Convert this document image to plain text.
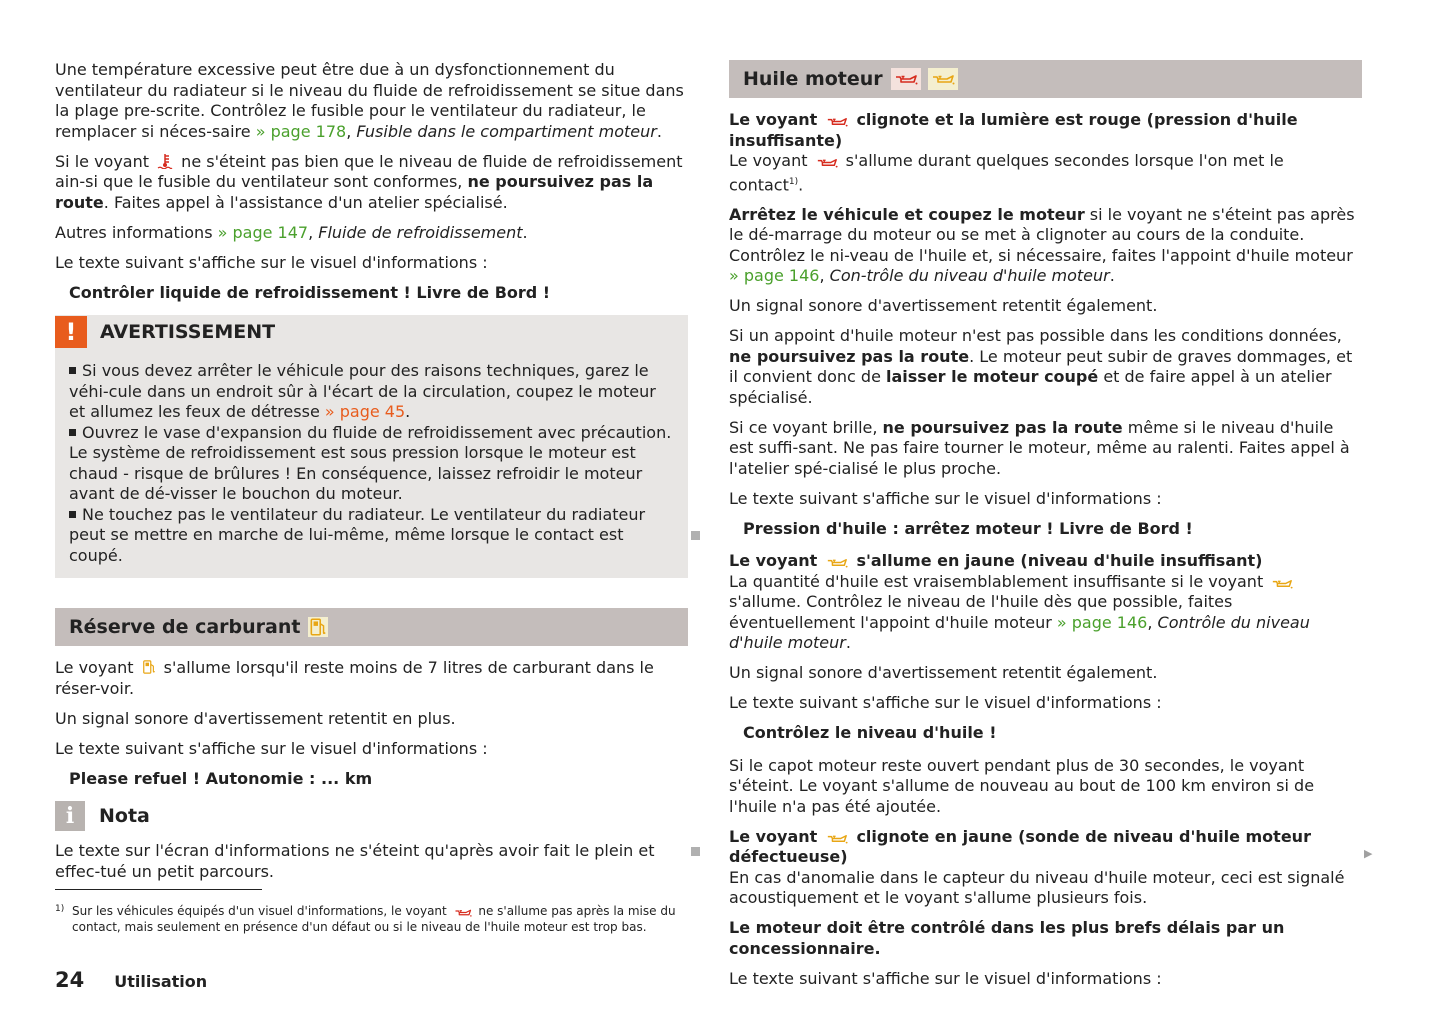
Une température excessive peut être due à un dysfonctionnement du ventilateur du radiateur si le niveau du fluide de refroidissement se situe dans la plage pre-scrite. Contrôlez le fusible pour le ventilateur du radiateur, le remplacer si néces-saire » page 178, Fusible dans le compartiment moteur.

Si le voyant  ne s'éteint pas bien que le niveau de fluide de refroidissement ain-si que le fusible du ventilateur sont conformes, ne poursuivez pas la route. Faites appel à l'assistance d'un atelier spécialisé.

Autres informations » page 147, Fluide de refroidissement.

Le texte suivant s'affiche sur le visuel d'informations :

Contrôler liquide de refroidissement ! Livre de Bord !

!	AVERTISSEMENT

Si vous devez arrêter le véhicule pour des raisons techniques, garez le véhi-cule dans un endroit sûr à l'écart de la circulation, coupez le moteur et allumez les feux de détresse » page 45.

Ouvrez le vase d'expansion du fluide de refroidissement avec précaution. Le système de refroidissement est sous pression lorsque le moteur est chaud - risque de brûlures ! En conséquence, laissez refroidir le moteur avant de dé-visser le bouchon du moteur.

Ne touchez pas le ventilateur du radiateur. Le ventilateur du radiateur peut se mettre en marche de lui-même, même lorsque le contact est coupé.

Réserve de carburant

Le voyant  s'allume lorsqu'il reste moins de 7 litres de carburant dans le réser-voir.

Un signal sonore d'avertissement retentit en plus.

Le texte suivant s'affiche sur le visuel d'informations :

Please refuel ! Autonomie : ... km

i	Nota

Le texte sur l'écran d'informations ne s'éteint qu'après avoir fait le plein et effec-tué un petit parcours.

Huile moteur

Le voyant  clignote et la lumière est rouge (pression d'huile insuffisante)
Le voyant  s'allume durant quelques secondes lorsque l'on met le contact$^{1)}$.

Arrêtez le véhicule et coupez le moteur si le voyant ne s'éteint pas après le dé-marrage du moteur ou se met à clignoter au cours de la conduite. Contrôlez le ni-veau de l'huile et, si nécessaire, faites l'appoint d'huile moteur » page 146, Con-trôle du niveau d'huile moteur.

Un signal sonore d'avertissement retentit également.

Si un appoint d'huile moteur n'est pas possible dans les conditions données, ne poursuivez pas la route. Le moteur peut subir de graves dommages, et il convient donc de laisser le moteur coupé et de faire appel à un atelier spécialisé.

Si ce voyant brille, ne poursuivez pas la route même si le niveau d'huile est suffi-sant. Ne pas faire tourner le moteur, même au ralenti. Faites appel à l'atelier spé-cialisé le plus proche.

Le texte suivant s'affiche sur le visuel d'informations :

Pression d'huile : arrêtez moteur ! Livre de Bord !

Le voyant  s'allume en jaune (niveau d'huile insuffisant)
La quantité d'huile est vraisemblablement insuffisante si le voyant  s'allume. Contrôlez le niveau de l'huile dès que possible, faites éventuellement l'appoint d'huile moteur » page 146, Contrôle du niveau d'huile moteur.

Un signal sonore d'avertissement retentit également.

Le texte suivant s'affiche sur le visuel d'informations :

Contrôlez le niveau d'huile !

Si le capot moteur reste ouvert pendant plus de 30 secondes, le voyant s'éteint. Le voyant s'allume de nouveau au bout de 100 km environ si de l'huile n'a pas été ajoutée.

Le voyant  clignote en jaune (sonde de niveau d'huile moteur défectueuse)
En cas d'anomalie dans le capteur du niveau d'huile moteur, ceci est signalé acoustiquement et le voyant s'allume plusieurs fois.

Le moteur doit être contrôlé dans les plus brefs délais par un concessionnaire.

Le texte suivant s'affiche sur le visuel d'informations :

▶
1) Sur les véhicules équipés d'un visuel d'informations, le voyant  ne s'allume pas après la mise du contact, mais seulement en présence d'un défaut ou si le niveau de l'huile moteur est trop bas.
24 Utilisation
